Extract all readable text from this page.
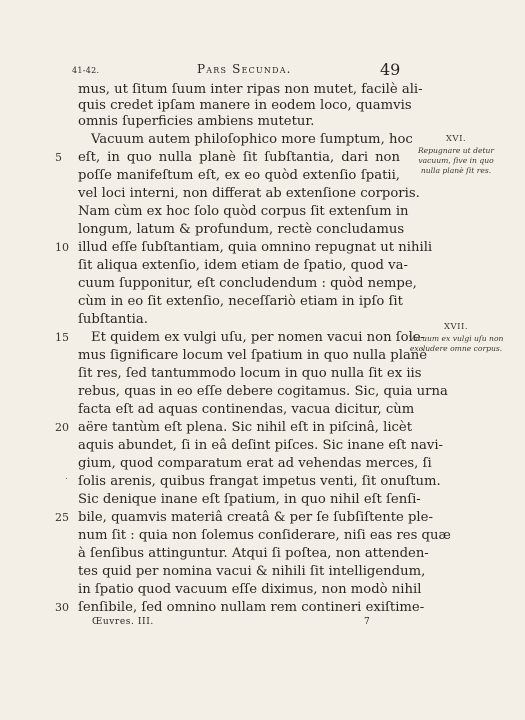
41-42.	Pars Secunda.	49
mus, ut ſitum ſuum inter ripas non mutet, facilè ali-
quis credet ipſam manere in eodem loco, quamvis
omnis ſuperficies ambiens mutetur.
Vacuum autem philoſophico more ſumptum, hoc
eſt, in quo nulla planè ſit ſubſtantia, dari non
poſſe manifeſtum eſt, ex eo quòd extenſio ſpatii,
vel loci interni, non differat ab extenſione corporis.
Nam cùm ex hoc ſolo quòd corpus ſit extenſum in
longum, latum & profundum, rectè concludamus
illud eſſe ſubſtantiam, quia omnino repugnat ut nihili
ſit aliqua extenſio, idem etiam de ſpatio, quod va-
cuum ſupponitur, eſt concludendum : quòd nempe,
cùm in eo ſit extenſio, neceſſariò etiam in ipſo ſit
ſubſtantia.
Et quidem ex vulgi uſu, per nomen vacui non ſole-
mus ſignificare locum vel ſpatium in quo nulla planè
ſit res, ſed tantummodo locum in quo nulla ſit ex iis
rebus, quas in eo eſſe debere cogitamus. Sic, quia urna
facta eſt ad aquas continendas, vacua dicitur, cùm
aëre tantùm eſt plena. Sic nihil eſt in piſcinâ, licèt
aquis abundet, ſi in eâ deſint piſces. Sic inane eſt navi-
gium, quod comparatum erat ad vehendas merces, ſi
ſolis arenis, quibus frangat impetus venti, ſit onuſtum.
Sic denique inane eſt ſpatium, in quo nihil eſt ſenſi-
bile, quamvis materiâ creatâ & per ſe ſubſiſtente ple-
num ſit : quia non ſolemus conſiderare, niſi eas res quæ
à ſenſibus attinguntur. Atqui ſi poſtea, non attenden-
tes quid per nomina vacui & nihili ſit intelligendum,
in ſpatio quod vacuum eſſe diximus, non modò nihil
ſenſibile, ſed omnino nullam rem contineri exiſtime-
5
10
15
20
25
30
.
XVI.
Repugnare ut detur vacuum, ſive in quo nulla planè ſit res.
XVII.
Vacuum ex vulgi uſu non excludere omne corpus.
Œuvres. III.	7
